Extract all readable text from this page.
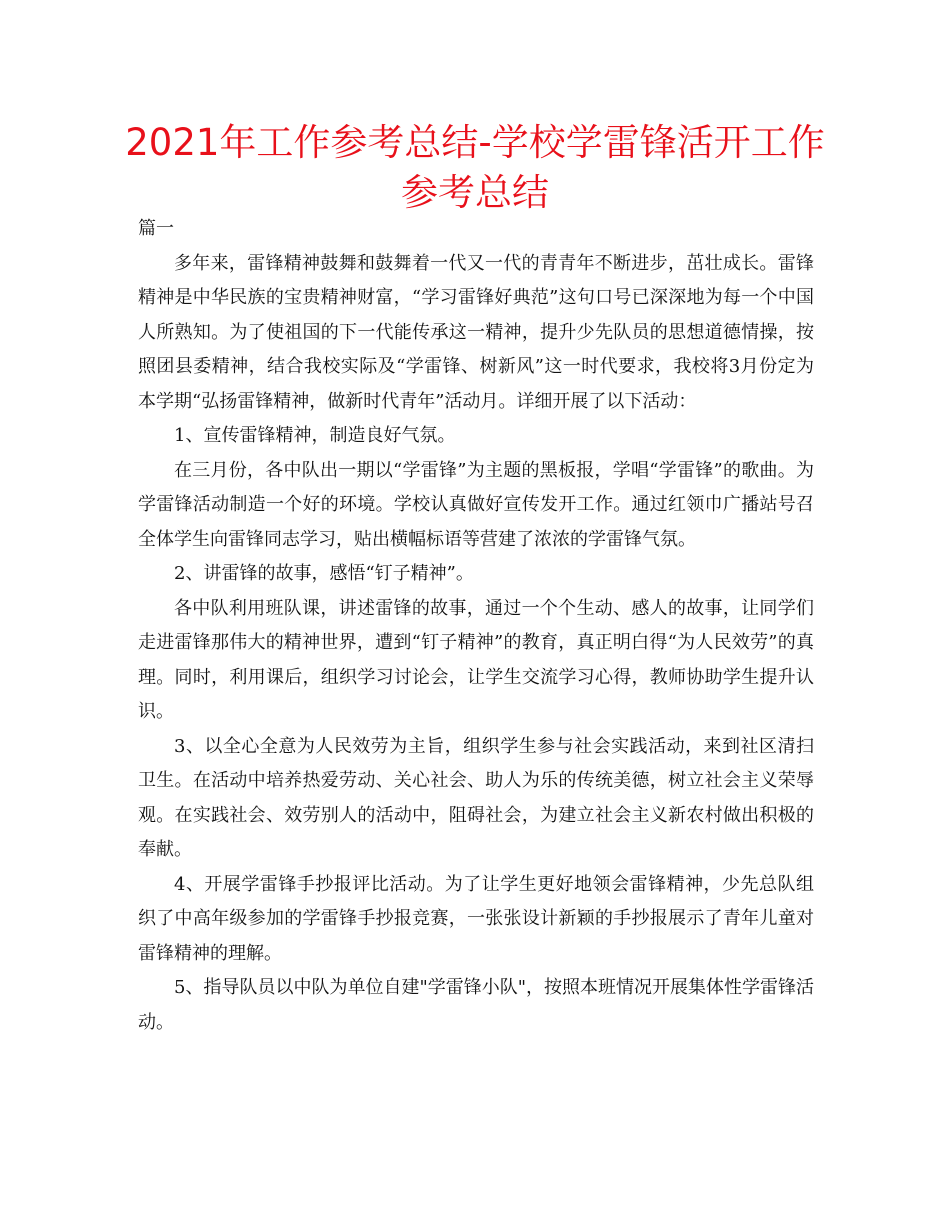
2021年工作参考总结-学校学雷锋活开工作参考总结

篇一

多年来，雷锋精神鼓舞和鼓舞着一代又一代的青青年不断进步，茁壮成长。雷锋精神是中华民族的宝贵精神财富，“学习雷锋好典范”这句口号已深深地为每一个中国人所熟知。为了使祖国的下一代能传承这一精神，提升少先队员的思想道德情操，按照团县委精神，结合我校实际及“学雷锋、树新风”这一时代要求，我校将3月份定为本学期“弘扬雷锋精神，做新时代青年”活动月。详细开展了以下活动：

1、宣传雷锋精神，制造良好气氛。

在三月份，各中队出一期以“学雷锋”为主题的黑板报，学唱“学雷锋”的歌曲。为学雷锋活动制造一个好的环境。学校认真做好宣传发开工作。通过红领巾广播站号召全体学生向雷锋同志学习，贴出横幅标语等营建了浓浓的学雷锋气氛。

2、讲雷锋的故事，感悟“钉子精神”。

各中队利用班队课，讲述雷锋的故事，通过一个个生动、感人的故事，让同学们走进雷锋那伟大的精神世界，遭到“钉子精神”的教育，真正明白得“为人民效劳”的真理。同时，利用课后，组织学习讨论会，让学生交流学习心得，教师协助学生提升认识。

3、以全心全意为人民效劳为主旨，组织学生参与社会实践活动，来到社区清扫卫生。在活动中培养热爱劳动、关心社会、助人为乐的传统美德，树立社会主义荣辱观。在实践社会、效劳别人的活动中，阻碍社会，为建立社会主义新农村做出积极的奉献。

4、开展学雷锋手抄报评比活动。为了让学生更好地领会雷锋精神，少先总队组织了中高年级参加的学雷锋手抄报竞赛，一张张设计新颖的手抄报展示了青年儿童对雷锋精神的理解。

5、指导队员以中队为单位自建"学雷锋小队"，按照本班情况开展集体性学雷锋活动。
